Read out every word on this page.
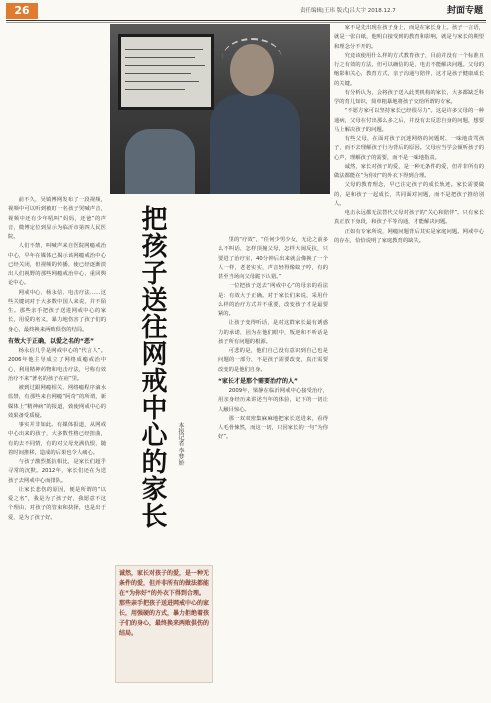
26	责任编辑|王玮 版式|吕大宇 2018.12.7	封面专题
把孩子送往网戒中心的家长	本报记者 李梦娇
诚然，家长对孩子的爱，是一种无条件的爱，但并非所有的做法都能在“为你好”的外衣下得到合理。那些亲手把孩子送进网戒中心的家长，用强硬的方式，暴力拒绝着孩子们的身心，最终换来两败俱伤的结局。

前不久，吴镇博网发布了一段视频，视频中可以听到被盯一名孩子哭喊声音，视频中还有少年吼叫“妈妈，还爸”的声音，微博定位到显示为临沂市第四人民医院。

人们不禁，叫喊声来自医院网瘾戒治中心，早年在媒体已揭示该网瘾戒治中心已经关闭，但视频的传播，使已经逐渐淡出人们视野的那些网瘾戒治中心，重回舆论中心。

网戒中心、杨永信、电击疗法……这些关键词对于大多数中国人来说，并不陌生。那些亲手把孩子送进网戒中心的家长，用爱的名义，暴力地伤害了孩子们的身心，最终换来两败俱伤的结局。

有效大于正确，以爱之名的“恶”

杨永信几乎是网戒中心的“代言人”。2006年他主导成立了网络成瘾戒治中心，利用精神药物和电击疗法，号称有效治疗不来”著名的孩子在症”里。

被到过跟网瘾相关、网络瘾程序滴水监禁，有那些来自网瘾“阿奇”的所谓，新媒体上“精神病”的报道，致使网戒中心的效果备受质疑。

事实并非如此。有媒体报道，从网戒中心出来的孩子，大多数性格已经扭曲，有的去不同情，有的对父母充满仇恨，随着时间推移，造成的后果也令人痛心。

与孩子激烈抵抗相比，是家长们超乎寻常的沉默。2012年，家长们还在为送孩子去网戒中心而排队。

让家长悲伤的原因，便是所谓的“以爱之名”，我是为了孩子好，我愿意不这个理由，对孩子的管束和抉择，也是出于爱，是为了孩子好。

里的“疗效”，“任何少男少女，无论之前多么不叫话，怎样顶撞父母，怎样大闹反抗，只要进了治疗室，40分钟后出来就会像换了一个人一样，老老实实，声音轻得像蚊子哼，有的甚至当场向父母跪下认错。”

一位把孩子送去“网戒中心”的母亲的看法是：有效大于正确。对于家长们来说，采用什么样的治疗方式并不重要，改变孩子才是最要紧的。

让孩子变得听话，是对这群家长最有诱惑力的承诺，因为在他们眼中，叛逆和不听话是孩子所有问题的根源。

可悲的是，他们自己没有意识到自己也是问题的一部分，不是孩子需要改变，真正需要改变的是他们自身。

“家长才是那个需要治疗的人”

2009年，梁静在临沂网戒中心接受治疗，用亲身经历来讲述当年的体验，记下的一切让人触目惊心。

那一双双密集麻麻地把家长送进来，看得人毛骨悚然，而这一切，只因家长的一句“为你好”。

家不是先出现在孩子身上，而是在家长身上。孩子一言语，就是一张白纸，他明白接受到的教育和影响，就是与家长的期望和理念分不开的。

究竟该使用什么样的方式教育孩子，目前并没有一个标准且行之有效的方法，但可以确信的是，电击不能解决问题。父母的缩影和关心，教育方式，亲子沟通与陪伴，这才是孩子健康成长的关键。

有分析认为，会将孩子送入此类机构的家长，大多都缺乏科学的育儿知识，简单粗暴地将孩子交给所谓的专家。

“不愿方家可以坚持家长已经很尽力”。这是许多父母的一种通病，父母在付出那么多之后，并没有去反思自身的问题，想要马上解决孩子的问题。

有些父母，在面对孩子沉迷网络的问题时，一味地责骂孩子，而不去理解孩子行为背后的原因。父母应当学会倾听孩子的心声，理解孩子的需要，而不是一味地指责。

诚然，家长对孩子的爱，是一种无条件的爱，但并非所有的做法都能在“为你好”的外衣下得到合理。

父母的教育理念，早已注定孩子的成长轨迹。家长需要做的，是和孩子一起成长，共同面对问题，而不是把孩子推给别人。

电击永远都无法替代父母对孩子的“关心和陪伴”。只有家长真正放下身段，和孩子平等沟通，才能解决问题。

正如有专家所说，网瘾问题背后其实是家庭问题。网戒中心的存在，恰恰说明了家庭教育的缺失。
